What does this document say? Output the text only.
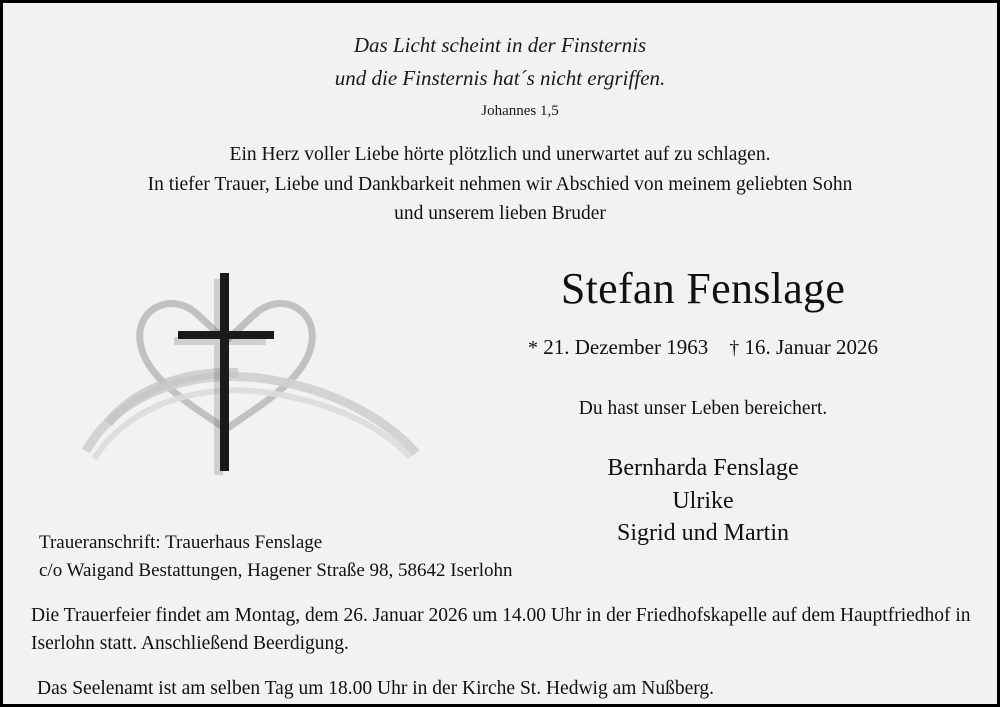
Das Licht scheint in der Finsternis
und die Finsternis hat´s nicht ergriffen.
Johannes 1,5
Ein Herz voller Liebe hörte plötzlich und unerwartet auf zu schlagen.
In tiefer Trauer, Liebe und Dankbarkeit nehmen wir Abschied von meinem geliebten Sohn
und unserem lieben Bruder
Stefan Fenslage
* 21. Dezember 1963 † 16. Januar 2026
Du hast unser Leben bereichert.
Bernharda Fenslage
Ulrike
Sigrid und Martin
Traueranschrift: Trauerhaus Fenslage
c/o Waigand Bestattungen, Hagener Straße 98, 58642 Iserlohn

Die Trauerfeier findet am Montag, dem 26. Januar 2026 um 14.00 Uhr in der Friedhofskapelle auf dem Hauptfriedhof in Iserlohn statt. Anschließend Beerdigung.

Das Seelenamt ist am selben Tag um 18.00 Uhr in der Kirche St. Hedwig am Nußberg.
